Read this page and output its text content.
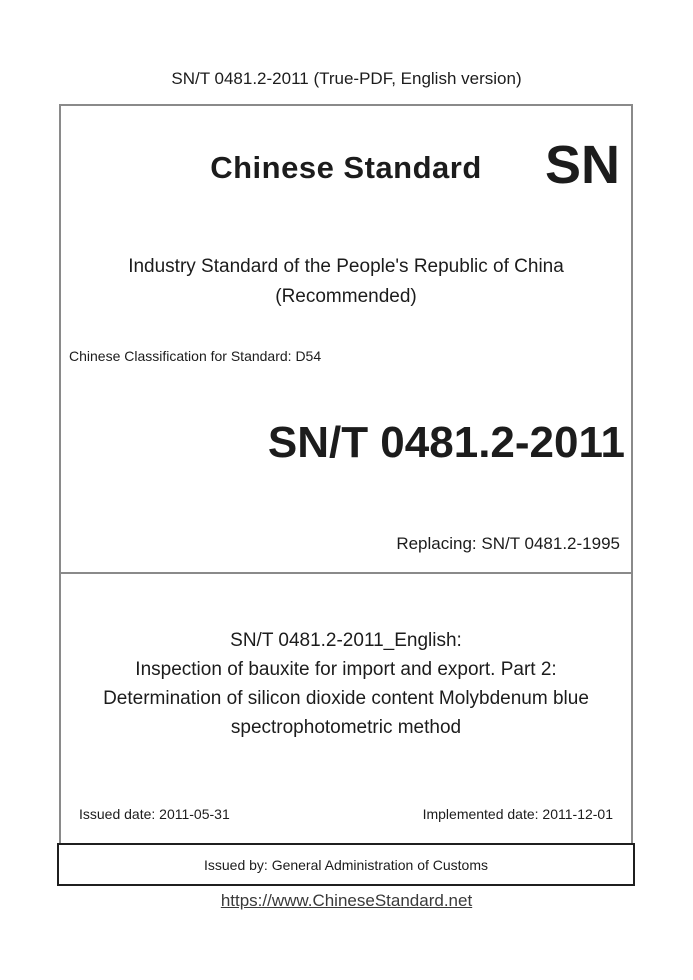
SN/T 0481.2-2011 (True-PDF, English version)
Chinese Standard	SN
Industry Standard of the People's Republic of China
(Recommended)
Chinese Classification for Standard: D54
SN/T 0481.2-2011
Replacing: SN/T 0481.2-1995
SN/T 0481.2-2011_English:
Inspection of bauxite for import and export. Part 2:
Determination of silicon dioxide content Molybdenum blue
spectrophotometric method
Issued date: 2011-05-31	Implemented date: 2011-12-01
Issued by: General Administration of Customs
https://www.ChineseStandard.net
